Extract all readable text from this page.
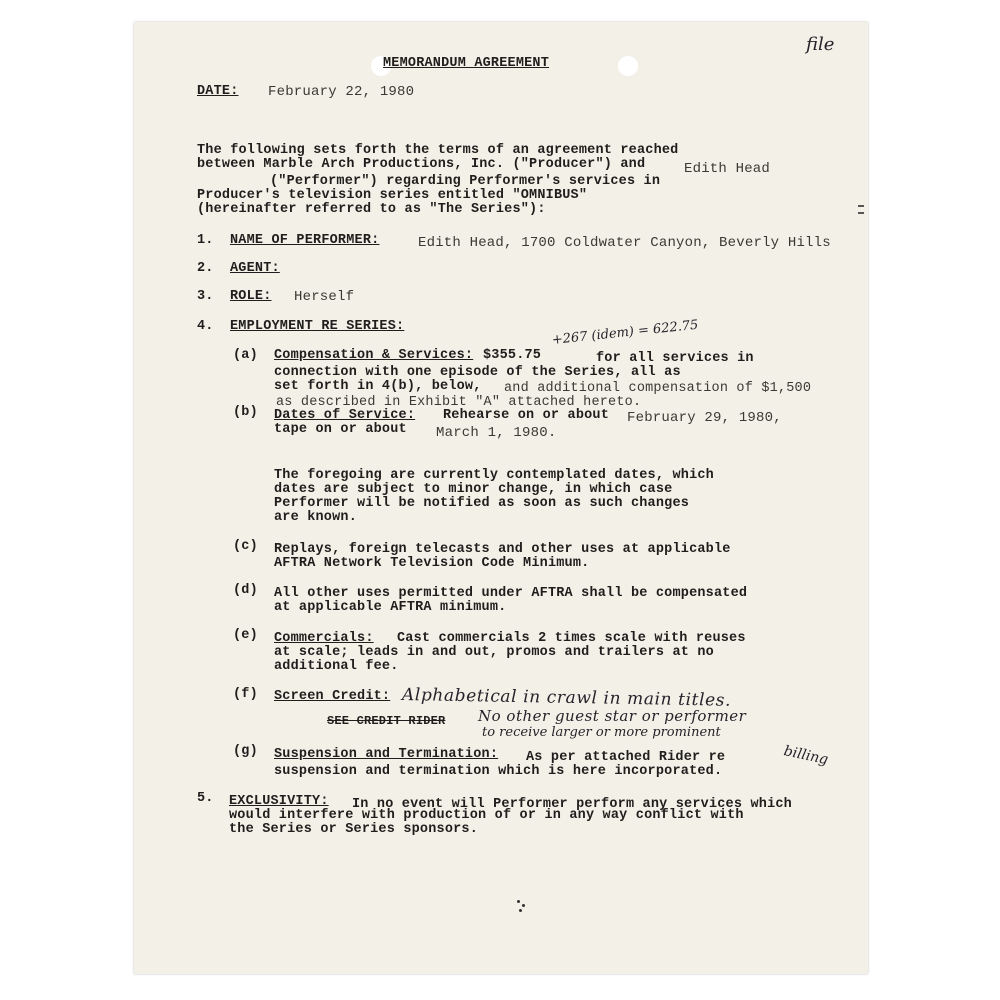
file
MEMORANDUM AGREEMENT
DATE: February 22, 1980
The following sets forth the terms of an agreement reached
between Marble Arch Productions, Inc. ("Producer") and	Edith Head
("Performer") regarding Performer's services in
Producer's television series entitled "OMNIBUS"
(hereinafter referred to as "The Series"):
1. NAME OF PERFORMER:	Edith Head, 1700 Coldwater Canyon, Beverly Hills
2. AGENT:
3. ROLE: Herself
4. EMPLOYMENT RE SERIES:	+267 (idem) = 622.75
(a) Compensation & Services: $355.75	for all services in
connection with one episode of the Series, all as
set forth in 4(b), below, and additional compensation of $1,500
as described in Exhibit "A" attached hereto.
(b) Dates of Service: Rehearse on or about February 29, 1980,
tape on or about March 1, 1980.
The foregoing are currently contemplated dates, which
dates are subject to minor change, in which case
Performer will be notified as soon as such changes
are known.
(c) Replays, foreign telecasts and other uses at applicable
AFTRA Network Television Code Minimum.
(d) All other uses permitted under AFTRA shall be compensated
at applicable AFTRA minimum.
(e) Commercials: Cast commercials 2 times scale with reuses
at scale; leads in and out, promos and trailers at no
additional fee.
(f) Screen Credit: Alphabetical in crawl in main titles.
SEE CREDIT RIDER No other guest star or performer
to receive larger or more prominent
billing
(g) Suspension and Termination: As per attached Rider re
suspension and termination which is here incorporated.
5. EXCLUSIVITY: In no event will Performer perform any services which
would interfere with production of or in any way conflict with
the Series or Series sponsors.
